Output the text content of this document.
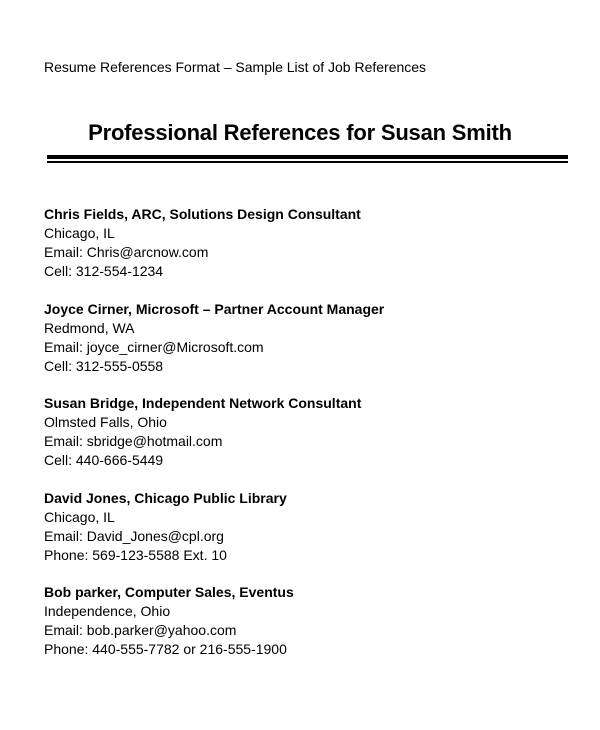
Resume References Format – Sample List of Job References
Professional References for Susan Smith
Chris Fields, ARC, Solutions Design Consultant
Chicago, IL
Email: Chris@arcnow.com
Cell: 312-554-1234
Joyce Cirner, Microsoft – Partner Account Manager
Redmond, WA
Email: joyce_cirner@Microsoft.com
Cell: 312-555-0558
Susan Bridge, Independent Network Consultant
Olmsted Falls, Ohio
Email: sbridge@hotmail.com
Cell: 440-666-5449
David Jones, Chicago Public Library
Chicago, IL
Email: David_Jones@cpl.org
Phone: 569-123-5588 Ext. 10
Bob parker, Computer Sales, Eventus
Independence, Ohio
Email: bob.parker@yahoo.com
Phone: 440-555-7782 or 216-555-1900
